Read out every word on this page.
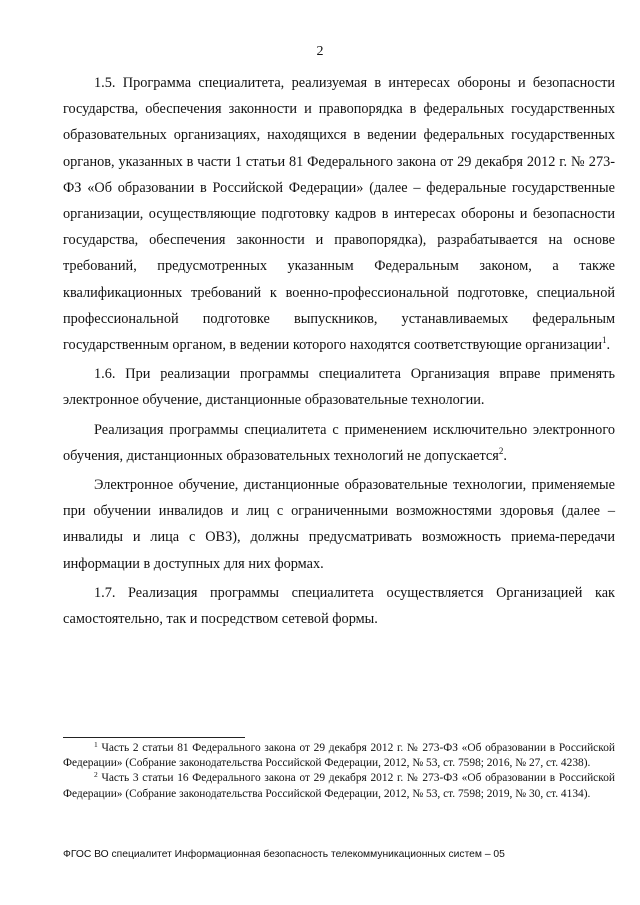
2

1.5. Программа специалитета, реализуемая в интересах обороны и безопасности государства, обеспечения законности и правопорядка в федеральных государственных образовательных организациях, находящихся в ведении федеральных государственных органов, указанных в части 1 статьи 81 Федерального закона от 29 декабря 2012 г. № 273-ФЗ «Об образовании в Российской Федерации» (далее – федеральные государственные организации, осуществляющие подготовку кадров в интересах обороны и безопасности государства, обеспечения законности и правопорядка), разрабатывается на основе требований, предусмотренных указанным Федеральным законом, а также квалификационных требований к военно-профессиональной подготовке, специальной профессиональной подготовке выпускников, устанавливаемых федеральным государственным органом, в ведении которого находятся соответствующие организации$^1$.

1.6. При реализации программы специалитета Организация вправе применять электронное обучение, дистанционные образовательные технологии.

Реализация программы специалитета с применением исключительно электронного обучения, дистанционных образовательных технологий не допускается$^2$.

Электронное обучение, дистанционные образовательные технологии, применяемые при обучении инвалидов и лиц с ограниченными возможностями здоровья (далее – инвалиды и лица с ОВЗ), должны предусматривать возможность приема-передачи информации в доступных для них формах.

1.7. Реализация программы специалитета осуществляется Организацией как самостоятельно, так и посредством сетевой формы.

$^1$ Часть 2 статьи 81 Федерального закона от 29 декабря 2012 г. № 273-ФЗ «Об образовании в Российской Федерации» (Собрание законодательства Российской Федерации, 2012, № 53, ст. 7598; 2016, № 27, ст. 4238).

$^2$ Часть 3 статьи 16 Федерального закона от 29 декабря 2012 г. № 273-ФЗ «Об образовании в Российской Федерации» (Собрание законодательства Российской Федерации, 2012, № 53, ст. 7598; 2019, № 30, ст. 4134).

ФГОС ВО специалитет Информационная безопасность телекоммуникационных систем – 05
